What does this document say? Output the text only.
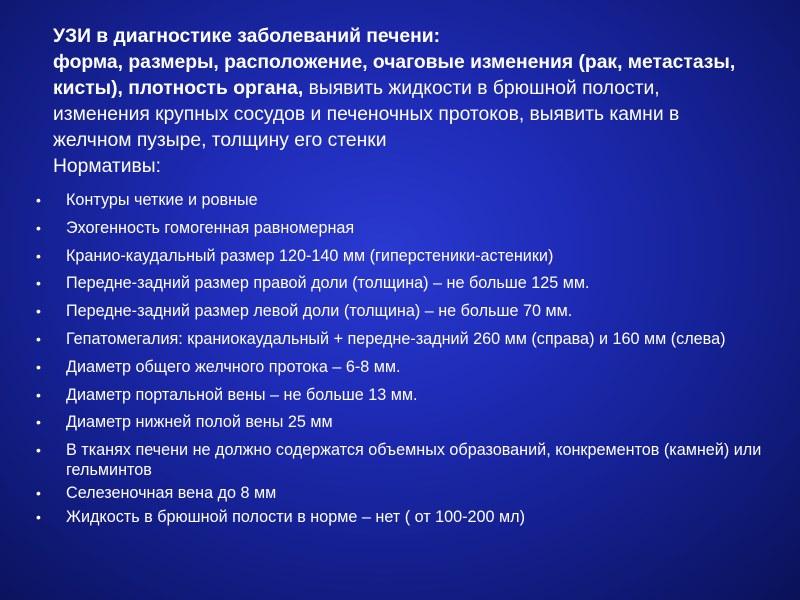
УЗИ в диагностике заболеваний печени:
форма, размеры, расположение, очаговые изменения (рак, метастазы, кисты), плотность органа, выявить жидкости в брюшной полости, изменения крупных сосудов и печеночных протоков, выявить камни в желчном пузыре, толщину его стенки
Нормативы:

• Контуры четкие и ровные
• Эхогенность гомогенная равномерная
• Кранио-каудальный размер 120-140 мм (гиперстеники-астеники)
• Передне-задний размер правой доли (толщина) – не больше 125 мм.
• Передне-задний размер левой доли (толщина) – не больше 70 мм.
• Гепатомегалия: краниокаудальный + передне-задний 260 мм (справа) и 160 мм (слева)
• Диаметр общего желчного протока – 6-8 мм.
• Диаметр портальной вены – не больше 13 мм.
• Диаметр нижней полой вены 25 мм
• В тканях печени не должно содержатся объемных образований, конкрементов (камней) или гельминтов
• Селезеночная вена до 8 мм
• Жидкость в брюшной полости в норме – нет ( от 100-200 мл)
